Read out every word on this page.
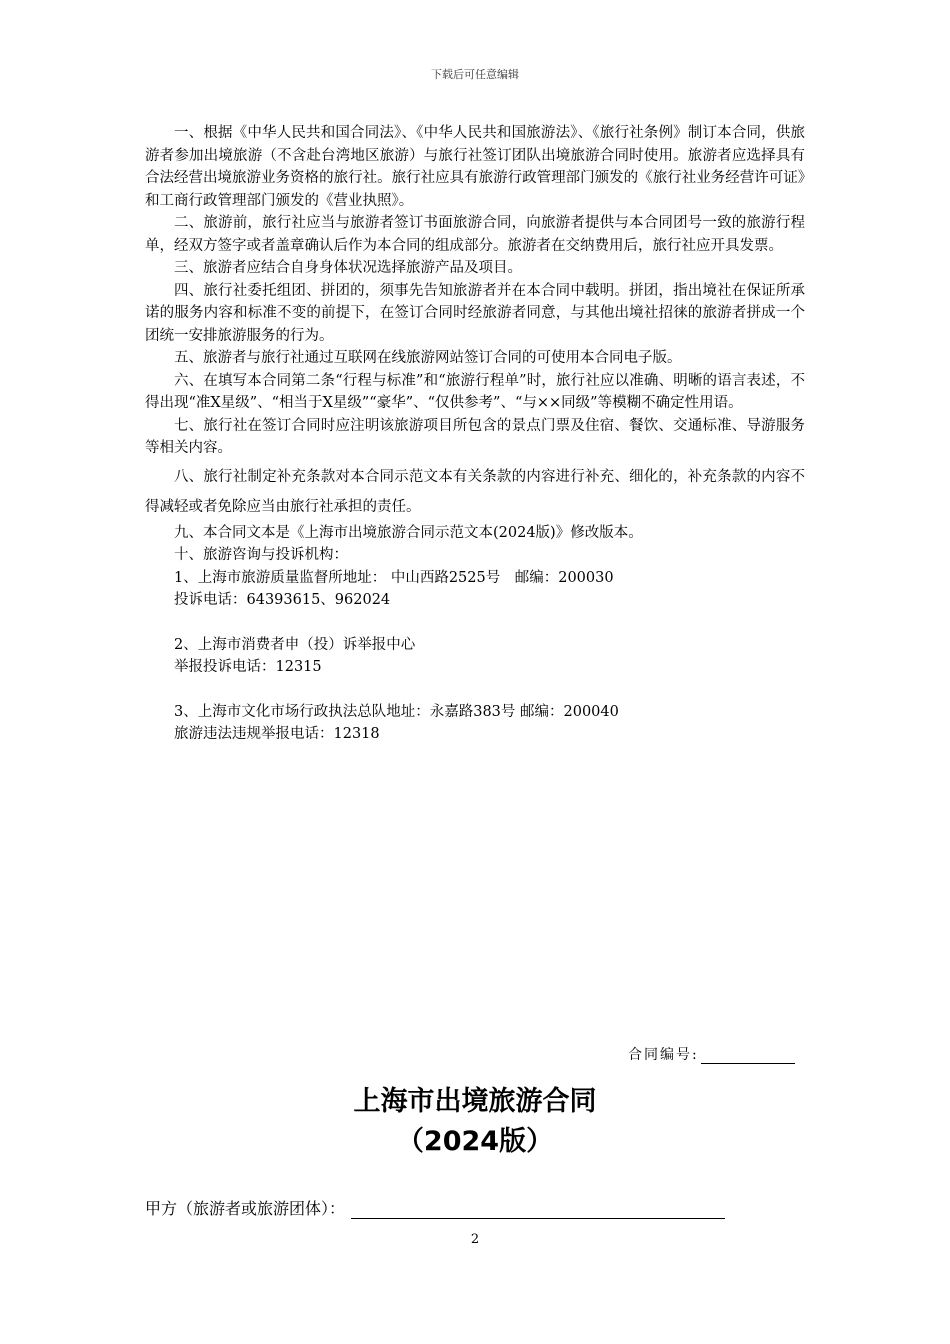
下载后可任意编辑

一、根据《中华人民共和国合同法》、《中华人民共和国旅游法》、《旅行社条例》制订本合同，供旅游者参加出境旅游（不含赴台湾地区旅游）与旅行社签订团队出境旅游合同时使用。旅游者应选择具有合法经营出境旅游业务资格的旅行社。旅行社应具有旅游行政管理部门颁发的《旅行社业务经营许可证》和工商行政管理部门颁发的《营业执照》。

二、旅游前，旅行社应当与旅游者签订书面旅游合同，向旅游者提供与本合同团号一致的旅游行程单，经双方签字或者盖章确认后作为本合同的组成部分。旅游者在交纳费用后，旅行社应开具发票。

三、旅游者应结合自身身体状况选择旅游产品及项目。

四、旅行社委托组团、拼团的，须事先告知旅游者并在本合同中载明。拼团，指出境社在保证所承诺的服务内容和标准不变的前提下，在签订合同时经旅游者同意，与其他出境社招徕的旅游者拼成一个团统一安排旅游服务的行为。

五、旅游者与旅行社通过互联网在线旅游网站签订合同的可使用本合同电子版。

六、在填写本合同第二条“行程与标准”和“旅游行程单”时，旅行社应以准确、明晰的语言表述，不得出现“准X星级”、“相当于X星级”“豪华”、“仅供参考”、“与××同级”等模糊不确定性用语。

七、旅行社在签订合同时应注明该旅游项目所包含的景点门票及住宿、餐饮、交通标准、导游服务等相关内容。

八、旅行社制定补充条款对本合同示范文本有关条款的内容进行补充、细化的，补充条款的内容不得减轻或者免除应当由旅行社承担的责任。

九、本合同文本是《上海市出境旅游合同示范文本(2024版)》修改版本。

十、旅游咨询与投诉机构：

1、上海市旅游质量监督所地址： 中山西路2525号　邮编：200030

投诉电话：64393615、962024

2、上海市消费者申（投）诉举报中心

举报投诉电话：12315

3、上海市文化市场行政执法总队地址：永嘉路383号 邮编：200040

旅游违法违规举报电话：12318

合同编号:
上海市出境旅游合同
（2024版）
甲方（旅游者或旅游团体）：
2
